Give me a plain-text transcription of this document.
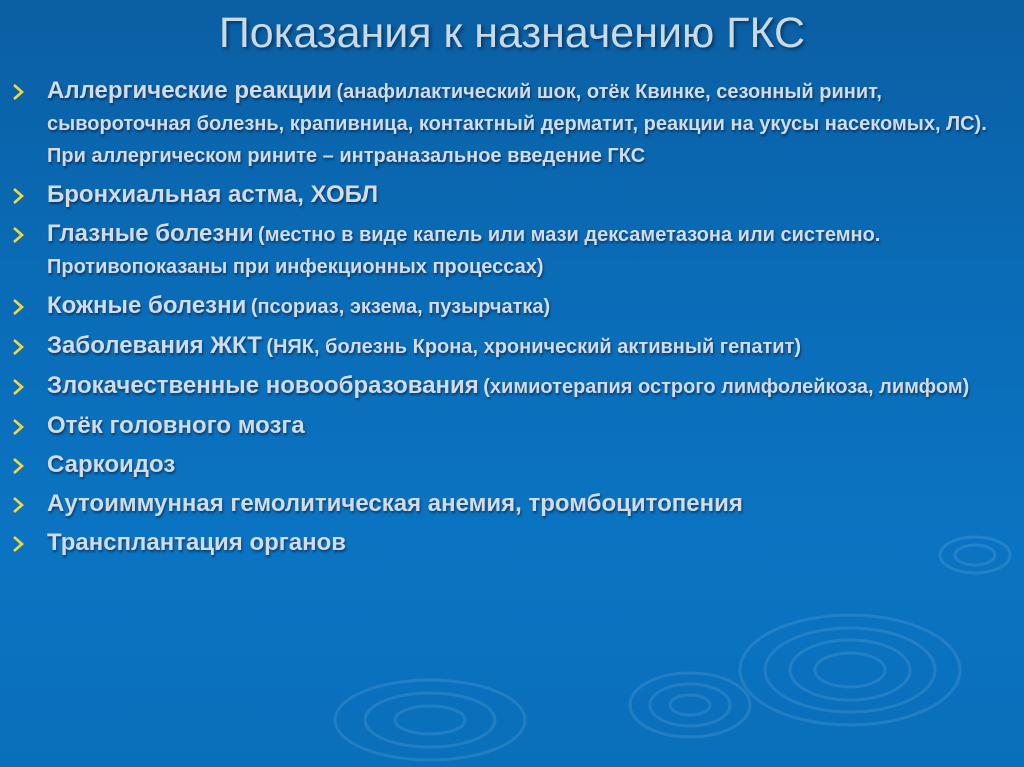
Показания к назначению ГКС
Аллергические реакции (анафилактический шок, отёк Квинке, сезонный ринит, сывороточная болезнь, крапивница, контактный дерматит, реакции на укусы насекомых, ЛС). При аллергическом рините – интраназальное введение ГКС
Бронхиальная астма, ХОБЛ
Глазные болезни (местно в виде капель или мази дексаметазона или системно. Противопоказаны при инфекционных процессах)
Кожные болезни (псориаз, экзема, пузырчатка)
Заболевания ЖКТ (НЯК, болезнь Крона, хронический активный гепатит)
Злокачественные новообразования (химиотерапия острого лимфолейкоза, лимфом)
Отёк головного мозга
Саркоидоз
Аутоиммунная гемолитическая анемия, тромбоцитопения
Трансплантация органов
